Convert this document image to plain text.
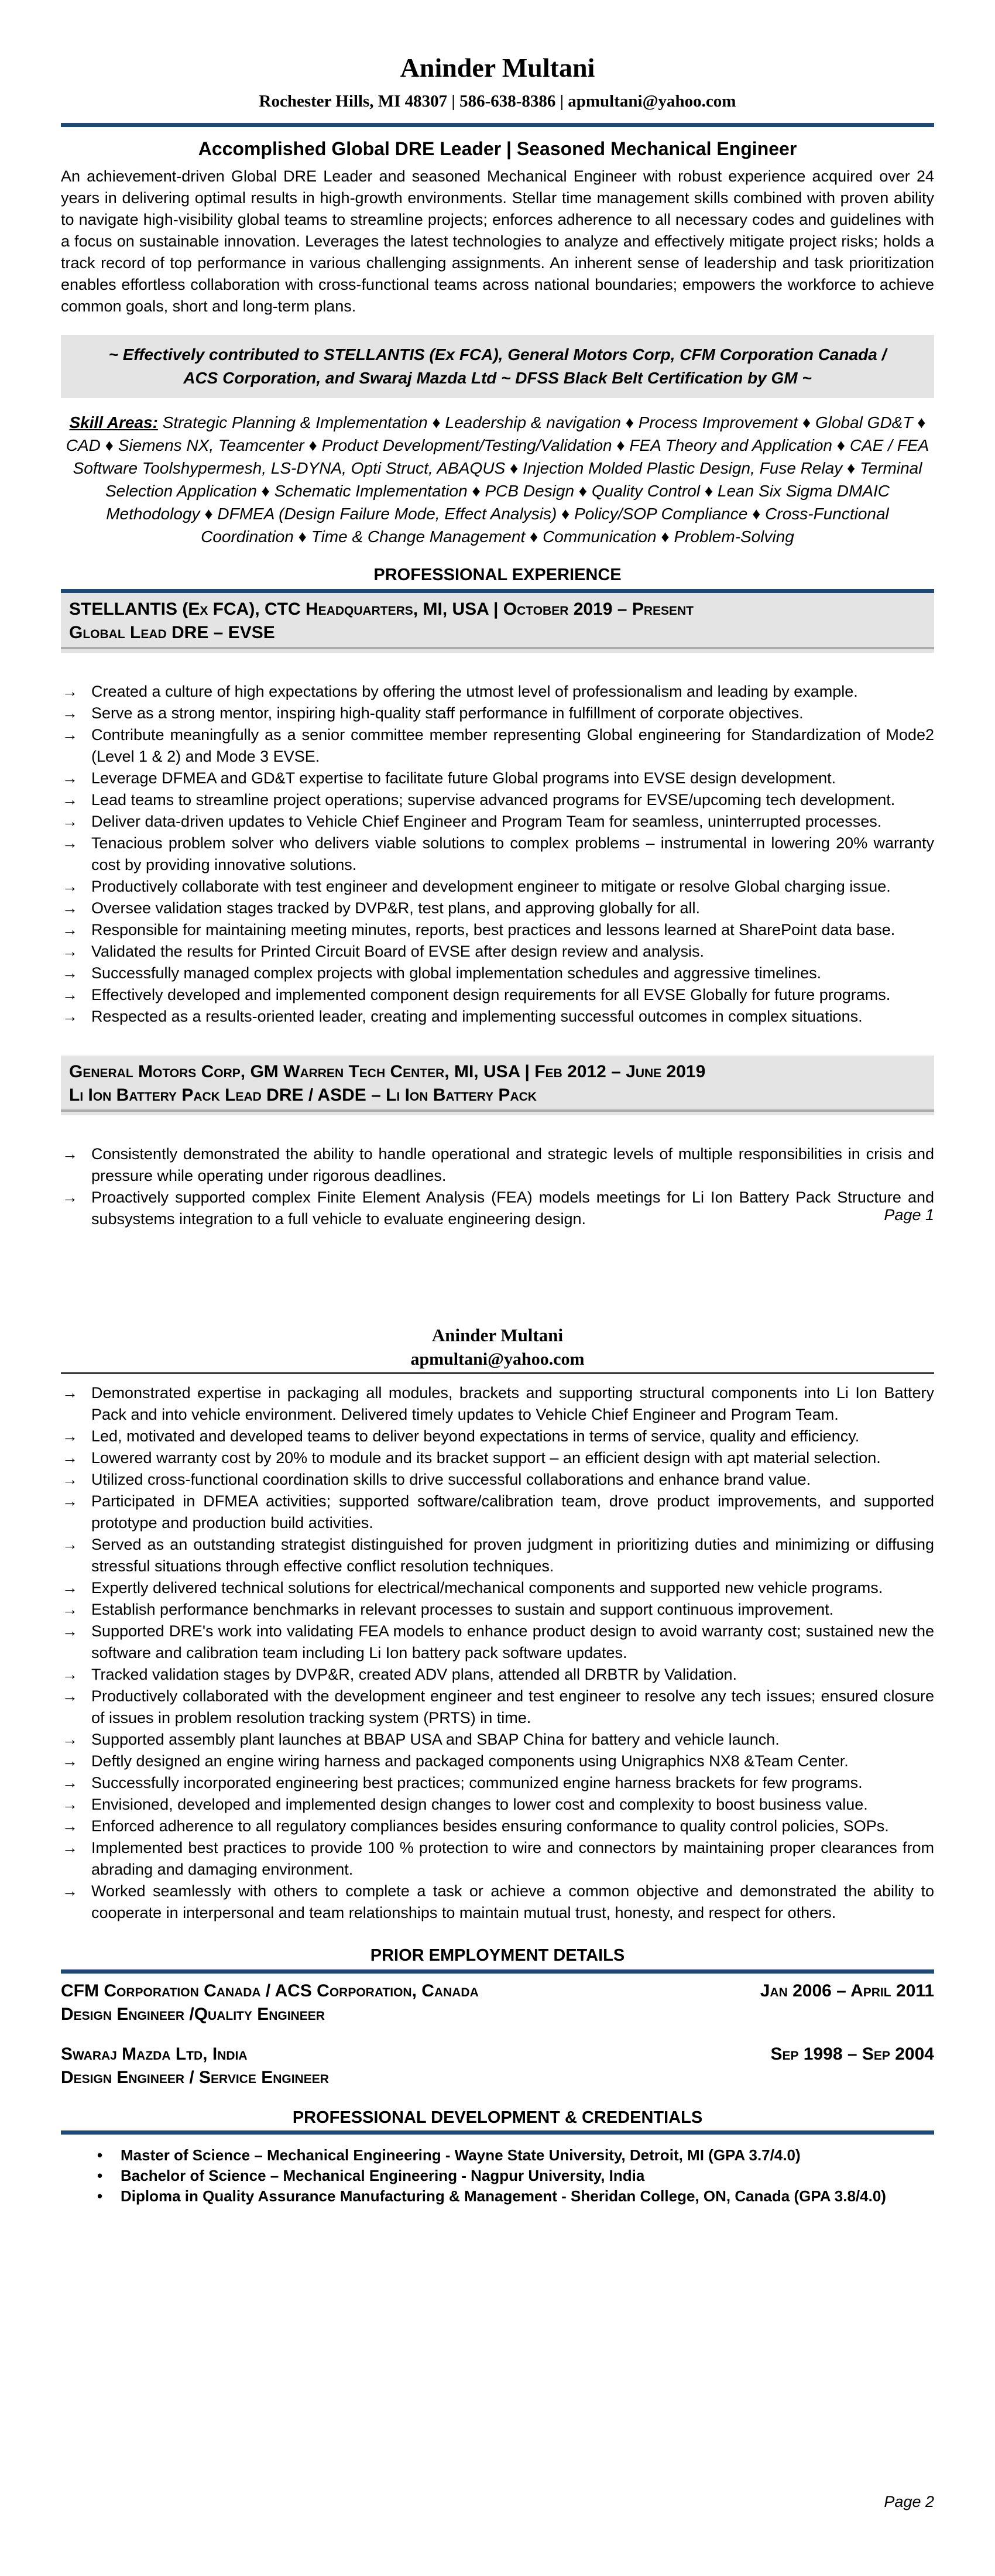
Aninder Multani
Rochester Hills, MI 48307 | 586-638-8386 | apmultani@yahoo.com
Accomplished Global DRE Leader | Seasoned Mechanical Engineer
An achievement-driven Global DRE Leader and seasoned Mechanical Engineer with robust experience acquired over 24 years in delivering optimal results in high-growth environments. Stellar time management skills combined with proven ability to navigate high-visibility global teams to streamline projects; enforces adherence to all necessary codes and guidelines with a focus on sustainable innovation. Leverages the latest technologies to analyze and effectively mitigate project risks; holds a track record of top performance in various challenging assignments. An inherent sense of leadership and task prioritization enables effortless collaboration with cross-functional teams across national boundaries; empowers the workforce to achieve common goals, short and long-term plans.
~ Effectively contributed to STELLANTIS (Ex FCA), General Motors Corp, CFM Corporation Canada / ACS Corporation, and Swaraj Mazda Ltd ~ DFSS Black Belt Certification by GM ~
Skill Areas: Strategic Planning & Implementation ♦ Leadership & navigation ♦ Process Improvement ♦ Global GD&T ♦ CAD ♦ Siemens NX, Teamcenter ♦ Product Development/Testing/Validation ♦ FEA Theory and Application ♦ CAE / FEA Software Toolshypermesh, LS-DYNA, Opti Struct, ABAQUS ♦ Injection Molded Plastic Design, Fuse Relay ♦ Terminal Selection Application ♦ Schematic Implementation ♦ PCB Design ♦ Quality Control ♦ Lean Six Sigma DMAIC Methodology ♦ DFMEA (Design Failure Mode, Effect Analysis) ♦ Policy/SOP Compliance ♦ Cross-Functional Coordination ♦ Time & Change Management ♦ Communication ♦ Problem-Solving
PROFESSIONAL EXPERIENCE
STELLANTIS (Ex FCA), CTC Headquarters, MI, USA | October 2019 – Present
Global Lead DRE – EVSE
→ Created a culture of high expectations by offering the utmost level of professionalism and leading by example.
→ Serve as a strong mentor, inspiring high-quality staff performance in fulfillment of corporate objectives.
→ Contribute meaningfully as a senior committee member representing Global engineering for Standardization of Mode2 (Level 1 & 2) and Mode 3 EVSE.
→ Leverage DFMEA and GD&T expertise to facilitate future Global programs into EVSE design development.
→ Lead teams to streamline project operations; supervise advanced programs for EVSE/upcoming tech development.
→ Deliver data-driven updates to Vehicle Chief Engineer and Program Team for seamless, uninterrupted processes.
→ Tenacious problem solver who delivers viable solutions to complex problems – instrumental in lowering 20% warranty cost by providing innovative solutions.
→ Productively collaborate with test engineer and development engineer to mitigate or resolve Global charging issue.
→ Oversee validation stages tracked by DVP&R, test plans, and approving globally for all.
→ Responsible for maintaining meeting minutes, reports, best practices and lessons learned at SharePoint data base.
→ Validated the results for Printed Circuit Board of EVSE after design review and analysis.
→ Successfully managed complex projects with global implementation schedules and aggressive timelines.
→ Effectively developed and implemented component design requirements for all EVSE Globally for future programs.
→ Respected as a results-oriented leader, creating and implementing successful outcomes in complex situations.
General Motors Corp, GM Warren Tech Center, MI, USA | Feb 2012 – June 2019
Li Ion Battery Pack Lead DRE / ASDE – Li Ion Battery Pack
→ Consistently demonstrated the ability to handle operational and strategic levels of multiple responsibilities in crisis and pressure while operating under rigorous deadlines.
→ Proactively supported complex Finite Element Analysis (FEA) models meetings for Li Ion Battery Pack Structure and subsystems integration to a full vehicle to evaluate engineering design.	Page 1
Aninder Multani
apmultani@yahoo.com
→ Demonstrated expertise in packaging all modules, brackets and supporting structural components into Li Ion Battery Pack and into vehicle environment. Delivered timely updates to Vehicle Chief Engineer and Program Team.
→ Led, motivated and developed teams to deliver beyond expectations in terms of service, quality and efficiency.
→ Lowered warranty cost by 20% to module and its bracket support – an efficient design with apt material selection.
→ Utilized cross-functional coordination skills to drive successful collaborations and enhance brand value.
→ Participated in DFMEA activities; supported software/calibration team, drove product improvements, and supported prototype and production build activities.
→ Served as an outstanding strategist distinguished for proven judgment in prioritizing duties and minimizing or diffusing stressful situations through effective conflict resolution techniques.
→ Expertly delivered technical solutions for electrical/mechanical components and supported new vehicle programs.
→ Establish performance benchmarks in relevant processes to sustain and support continuous improvement.
→ Supported DRE's work into validating FEA models to enhance product design to avoid warranty cost; sustained new the software and calibration team including Li Ion battery pack software updates.
→ Tracked validation stages by DVP&R, created ADV plans, attended all DRBTR by Validation.
→ Productively collaborated with the development engineer and test engineer to resolve any tech issues; ensured closure of issues in problem resolution tracking system (PRTS) in time.
→ Supported assembly plant launches at BBAP USA and SBAP China for battery and vehicle launch.
→ Deftly designed an engine wiring harness and packaged components using Unigraphics NX8 &Team Center.
→ Successfully incorporated engineering best practices; communized engine harness brackets for few programs.
→ Envisioned, developed and implemented design changes to lower cost and complexity to boost business value.
→ Enforced adherence to all regulatory compliances besides ensuring conformance to quality control policies, SOPs.
→ Implemented best practices to provide 100 % protection to wire and connectors by maintaining proper clearances from abrading and damaging environment.
→ Worked seamlessly with others to complete a task or achieve a common objective and demonstrated the ability to cooperate in interpersonal and team relationships to maintain mutual trust, honesty, and respect for others.
PRIOR EMPLOYMENT DETAILS
CFM Corporation Canada / ACS Corporation, Canada	Jan 2006 – April 2011
Design Engineer /Quality Engineer
Swaraj Mazda Ltd, India	Sep 1998 – Sep 2004
Design Engineer / Service Engineer
PROFESSIONAL DEVELOPMENT & CREDENTIALS
• Master of Science – Mechanical Engineering - Wayne State University, Detroit, MI (GPA 3.7/4.0)
• Bachelor of Science – Mechanical Engineering - Nagpur University, India
• Diploma in Quality Assurance Manufacturing & Management - Sheridan College, ON, Canada (GPA 3.8/4.0)
Page 2
